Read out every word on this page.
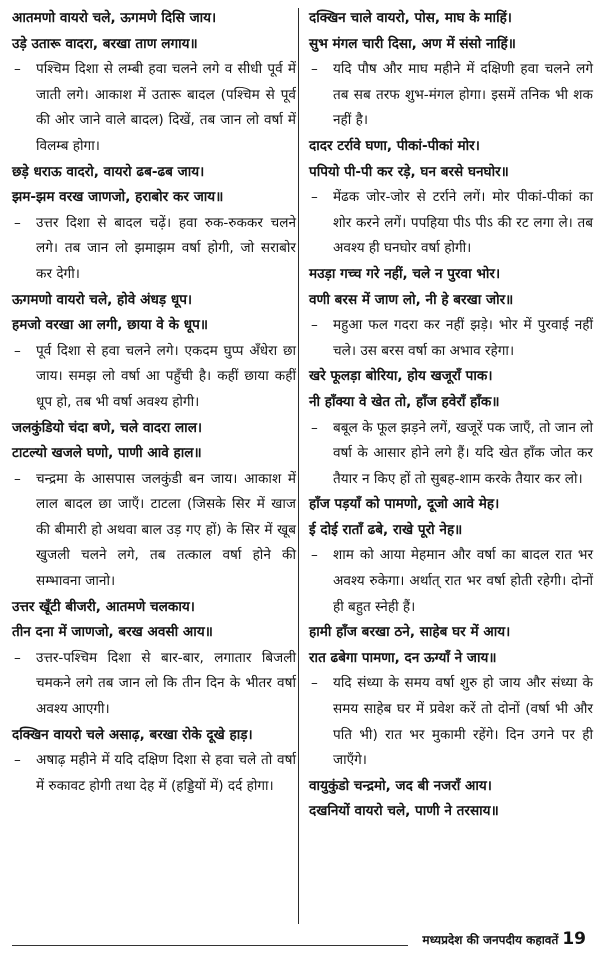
आतमणो वायरो चले, ऊगमणे दिसि जाय।

उड़े उतारू वादरा, बरखा ताण लगाय॥

–	पश्चिम दिशा से लम्बी हवा चलने लगे व सीधी पूर्व में जाती लगे। आकाश में उतारू बादल (पश्चिम से पूर्व की ओर जाने वाले बादल) दिखें, तब जान लो वर्षा में विलम्ब होगा।

छड़े धराऊ वादरो, वायरो ढब-ढब जाय।

झम-झम वरख जाणजो, हराबोर कर जाय॥

–	उत्तर दिशा से बादल चढ़ें। हवा रुक-रुककर चलने लगे। तब जान लो झमाझम वर्षा होगी, जो सराबोर कर देगी।

ऊगमणो वायरो चले, होवे अंधड़ धूप।

हमजो वरखा आ लगी, छाया वे के धूप॥

–	पूर्व दिशा से हवा चलने लगे। एकदम घुप्प अँधेरा छा जाय। समझ लो वर्षा आ पहुँची है। कहीं छाया कहीं धूप हो, तब भी वर्षा अवश्य होगी।

जलकुंडियो चंदा बणे, चले वादरा लाल।

टाटल्यो खजले घणो, पाणी आवे हाल॥

–	चन्द्रमा के आसपास जलकुंडी बन जाय। आकाश में लाल बादल छा जाएँ। टाटला (जिसके सिर में खाज की बीमारी हो अथवा बाल उड़ गए हों) के सिर में खूब खुजली चलने लगे, तब तत्काल वर्षा होने की सम्भावना जानो।

उत्तर खूँटी बीजरी, आतमणे चलकाय।

तीन दना में जाणजो, बरख अवसी आय॥

–	उत्तर-पश्चिम दिशा से बार-बार, लगातार बिजली चमकने लगे तब जान लो कि तीन दिन के भीतर वर्षा अवश्य आएगी।

दक्खिन वायरो चले असाढ़, बरखा रोके दूखे हाड़।

–	अषाढ़ महीने में यदि दक्षिण दिशा से हवा चले तो वर्षा में रुकावट होगी तथा देह में (हड्डियों में) दर्द होगा।

दक्खिन चाले वायरो, पोस, माघ के माहिं।

सुभ मंगल चारी दिसा, अण में संसो नाहिं॥

–	यदि पौष और माघ महीने में दक्षिणी हवा चलने लगे तब सब तरफ शुभ-मंगल होगा। इसमें तनिक भी शक नहीं है।

दादर टर्रावे घणा, पीकां-पीकां मोर।

पपियो पी-पी कर रड़े, घन बरसे घनघोर॥

–	मेंढक जोर-जोर से टर्राने लगें। मोर पीकां-पीकां का शोर करने लगें। पपहिया पीऽ पीऽ की रट लगा ले। तब अवश्य ही घनघोर वर्षा होगी।

मउड़ा गच्च गरे नहीं, चले न पुरवा भोर।

वणी बरस में जाण लो, नी हे बरखा जोर॥

–	महुआ फल गदरा कर नहीं झड़े। भोर में पुरवाई नहीं चले। उस बरस वर्षा का अभाव रहेगा।

खरे फूलड़ा बोरिया, होय खजूराँ पाक।

नी हाँक्या वे खेत तो, हाँज हवेराँ हाँक॥

–	बबूल के फूल झड़ने लगें, खजूरें पक जाएँ, तो जान लो वर्षा के आसार होने लगे हैं। यदि खेत हाँक जोत कर तैयार न किए हों तो सुबह-शाम करके तैयार कर लो।

हाँज पड़याँ को पामणो, दूजो आवे मेह।

ई दोई राताँ ढबे, राखे पूरो नेह॥

–	शाम को आया मेहमान और वर्षा का बादल रात भर अवश्य रुकेगा। अर्थात् रात भर वर्षा होती रहेगी। दोनों ही बहुत स्नेही हैं।

हामी हाँज बरखा ठने, साहेब घर में आय।

रात ढबेगा पामणा, दन ऊग्याँ ने जाय॥

–	यदि संध्या के समय वर्षा शुरु हो जाय और संध्या के समय साहेब घर में प्रवेश करें तो दोनों (वर्षा भी और पति भी) रात भर मुकामी रहेंगे। दिन उगने पर ही जाएँगे।

वायुकुंडो चन्द्रमो, जद बी नजराँ आय।

दखनियों वायरो चले, पाणी ने तरसाय॥

मध्यप्रदेश की जनपदीय कहावतें 19
